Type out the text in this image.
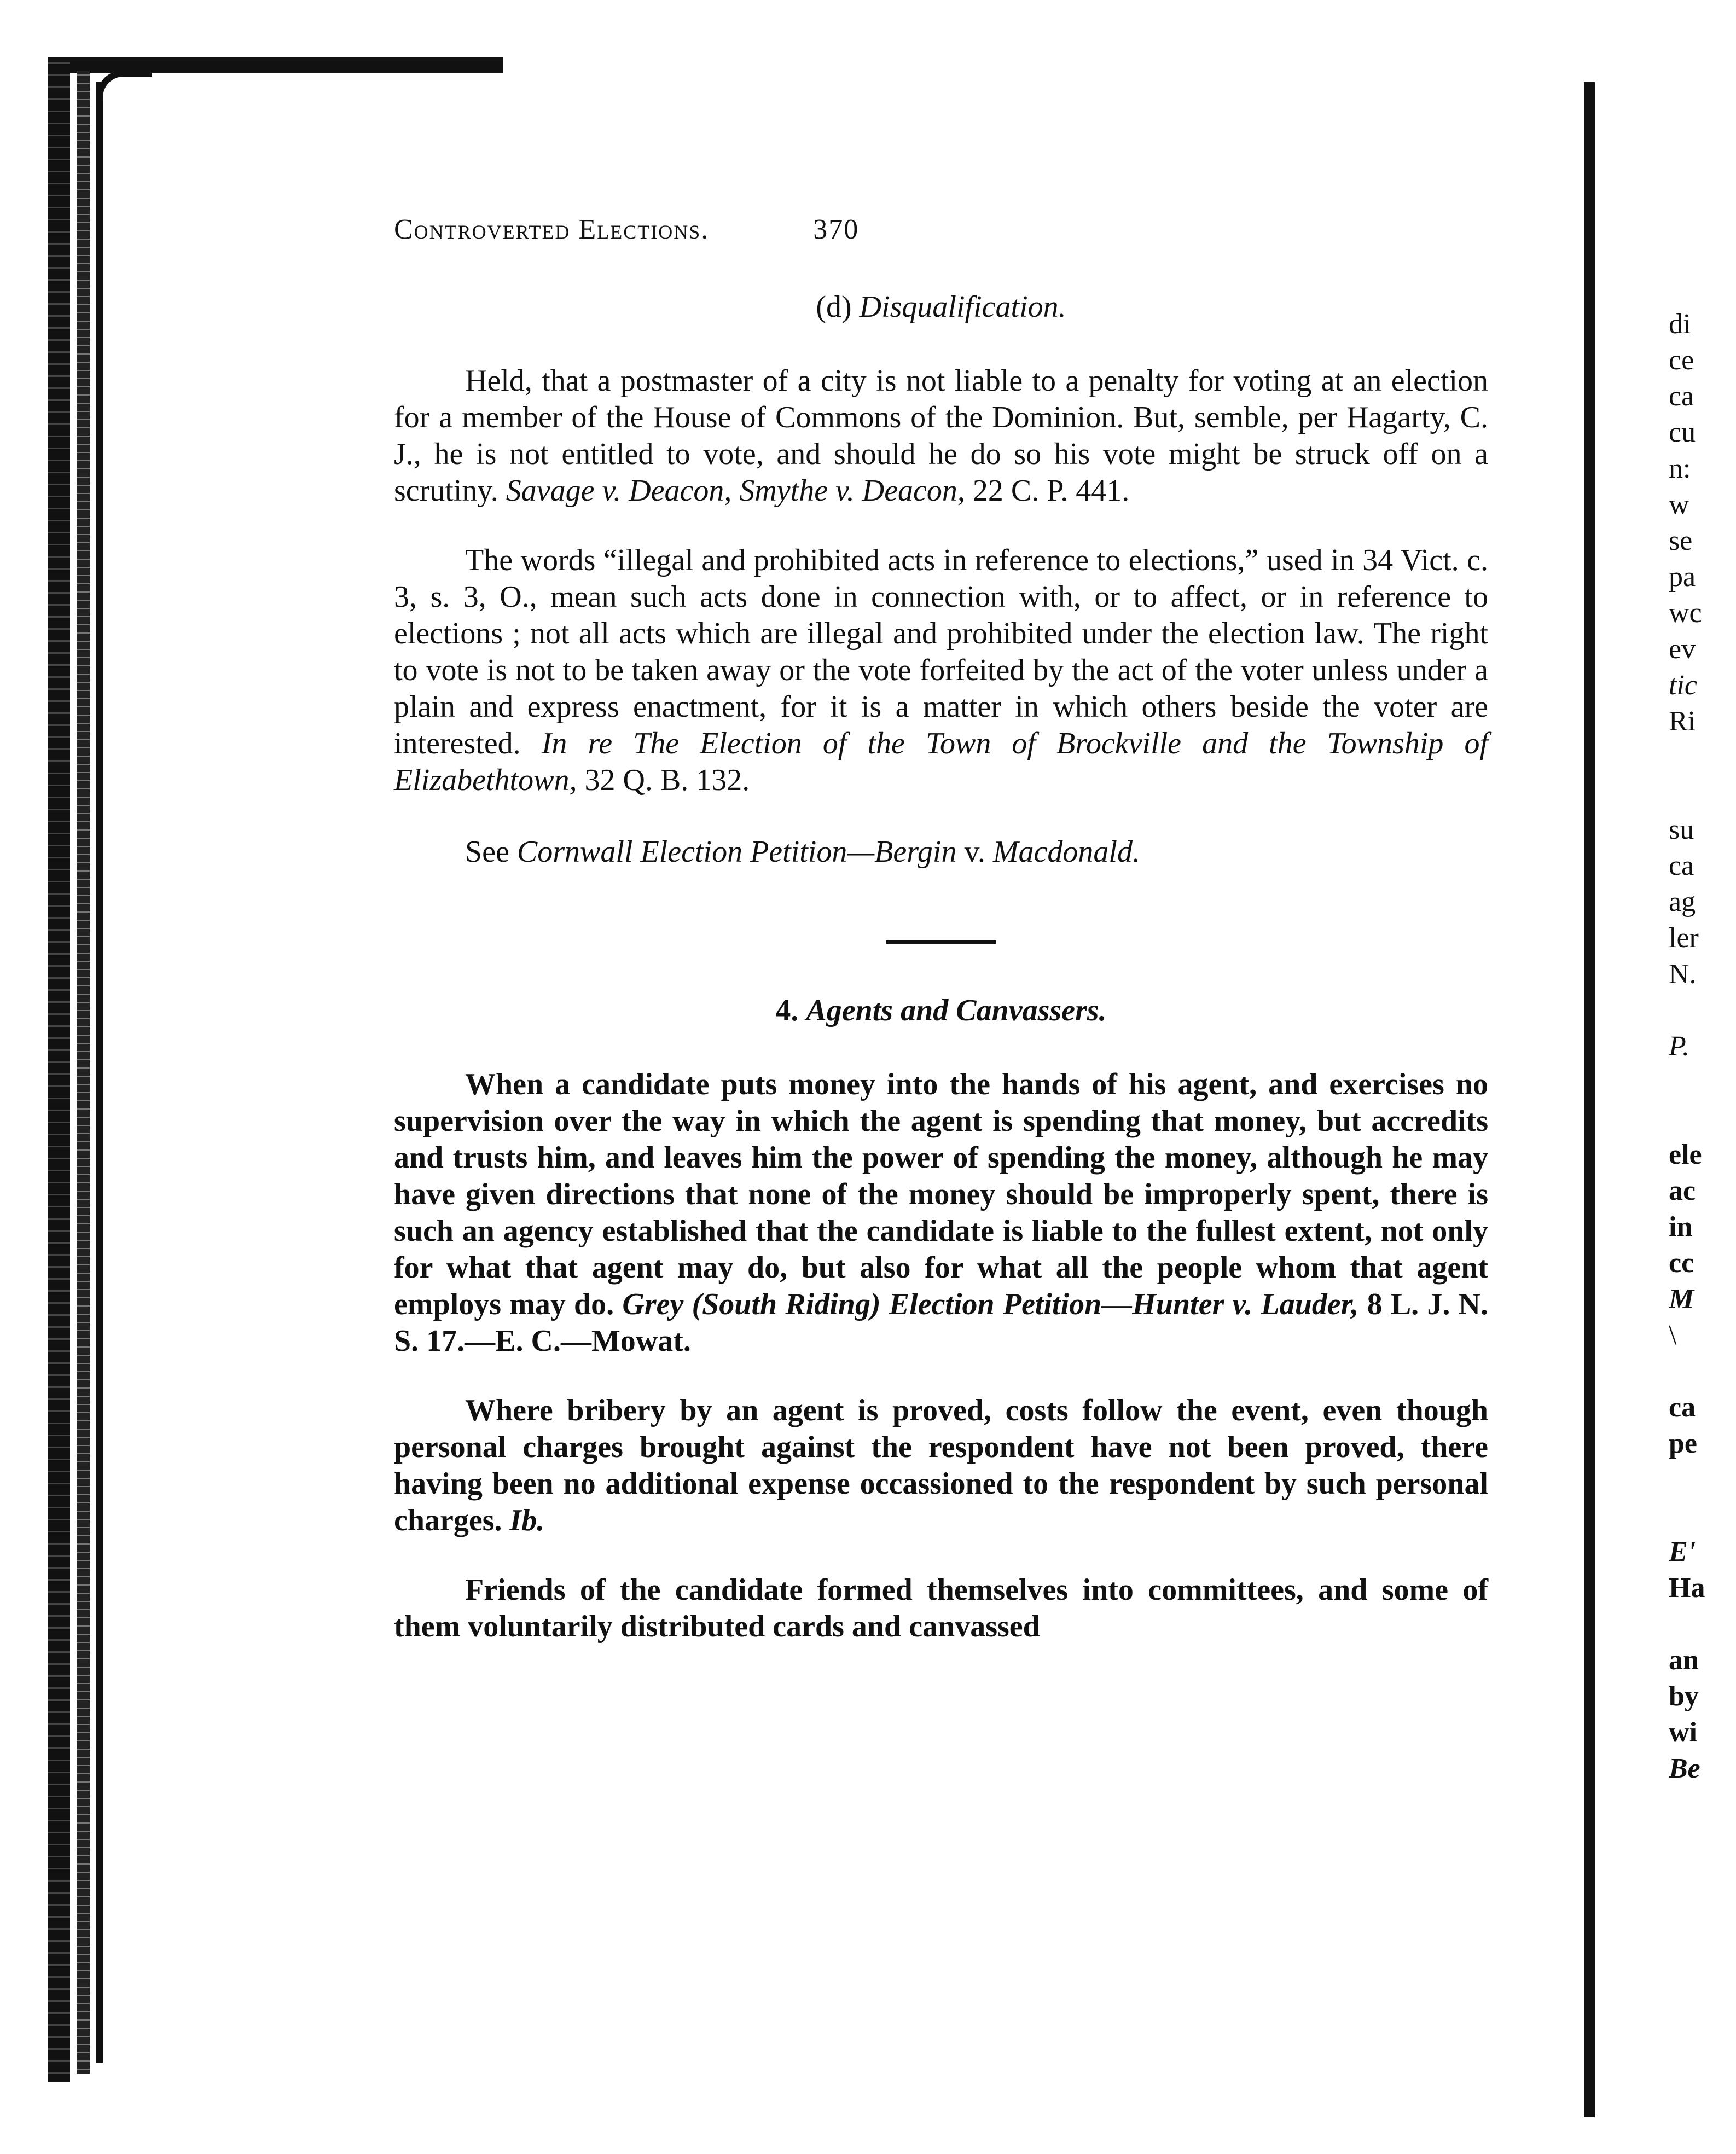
Controverted Elections.	370
(d) Disqualification.

Held, that a postmaster of a city is not liable to a penalty for voting at an election for a member of the House of Commons of the Dominion. But, semble, per Hagarty, C. J., he is not entitled to vote, and should he do so his vote might be struck off on a scrutiny. Savage v. Deacon, Smythe v. Deacon, 22 C. P. 441.

The words “illegal and prohibited acts in reference to elections,” used in 34 Vict. c. 3, s. 3, O., mean such acts done in connection with, or to affect, or in reference to elections ; not all acts which are illegal and prohibited under the election law. The right to vote is not to be taken away or the vote forfeited by the act of the voter unless under a plain and express enactment, for it is a matter in which others beside the voter are interested. In re The Election of the Town of Brockville and the Township of Elizabethtown, 32 Q. B. 132.

See Cornwall Election Petition—Bergin v. Macdonald.

4. Agents and Canvassers.

When a candidate puts money into the hands of his agent, and exercises no supervision over the way in which the agent is spending that money, but accredits and trusts him, and leaves him the power of spending the money, although he may have given directions that none of the money should be improperly spent, there is such an agency established that the candidate is liable to the fullest extent, not only for what that agent may do, but also for what all the people whom that agent employs may do. Grey (South Riding) Election Petition—Hunter v. Lauder, 8 L. J. N. S. 17.—E. C.—Mowat.

Where bribery by an agent is proved, costs follow the event, even though personal charges brought against the respondent have not been proved, there having been no additional expense occassioned to the respondent by such personal charges. Ib.

Friends of the candidate formed themselves into committees, and some of them voluntarily distributed cards and canvassed

di
ce
ca
cu
n:
w
se
pa
wc
ev
tic
Ri
su
ca
ag
ler
N.
P.
ele
ac
in
cc
M
\
ca
pe
E'
Ha
an
by
wi
Be
